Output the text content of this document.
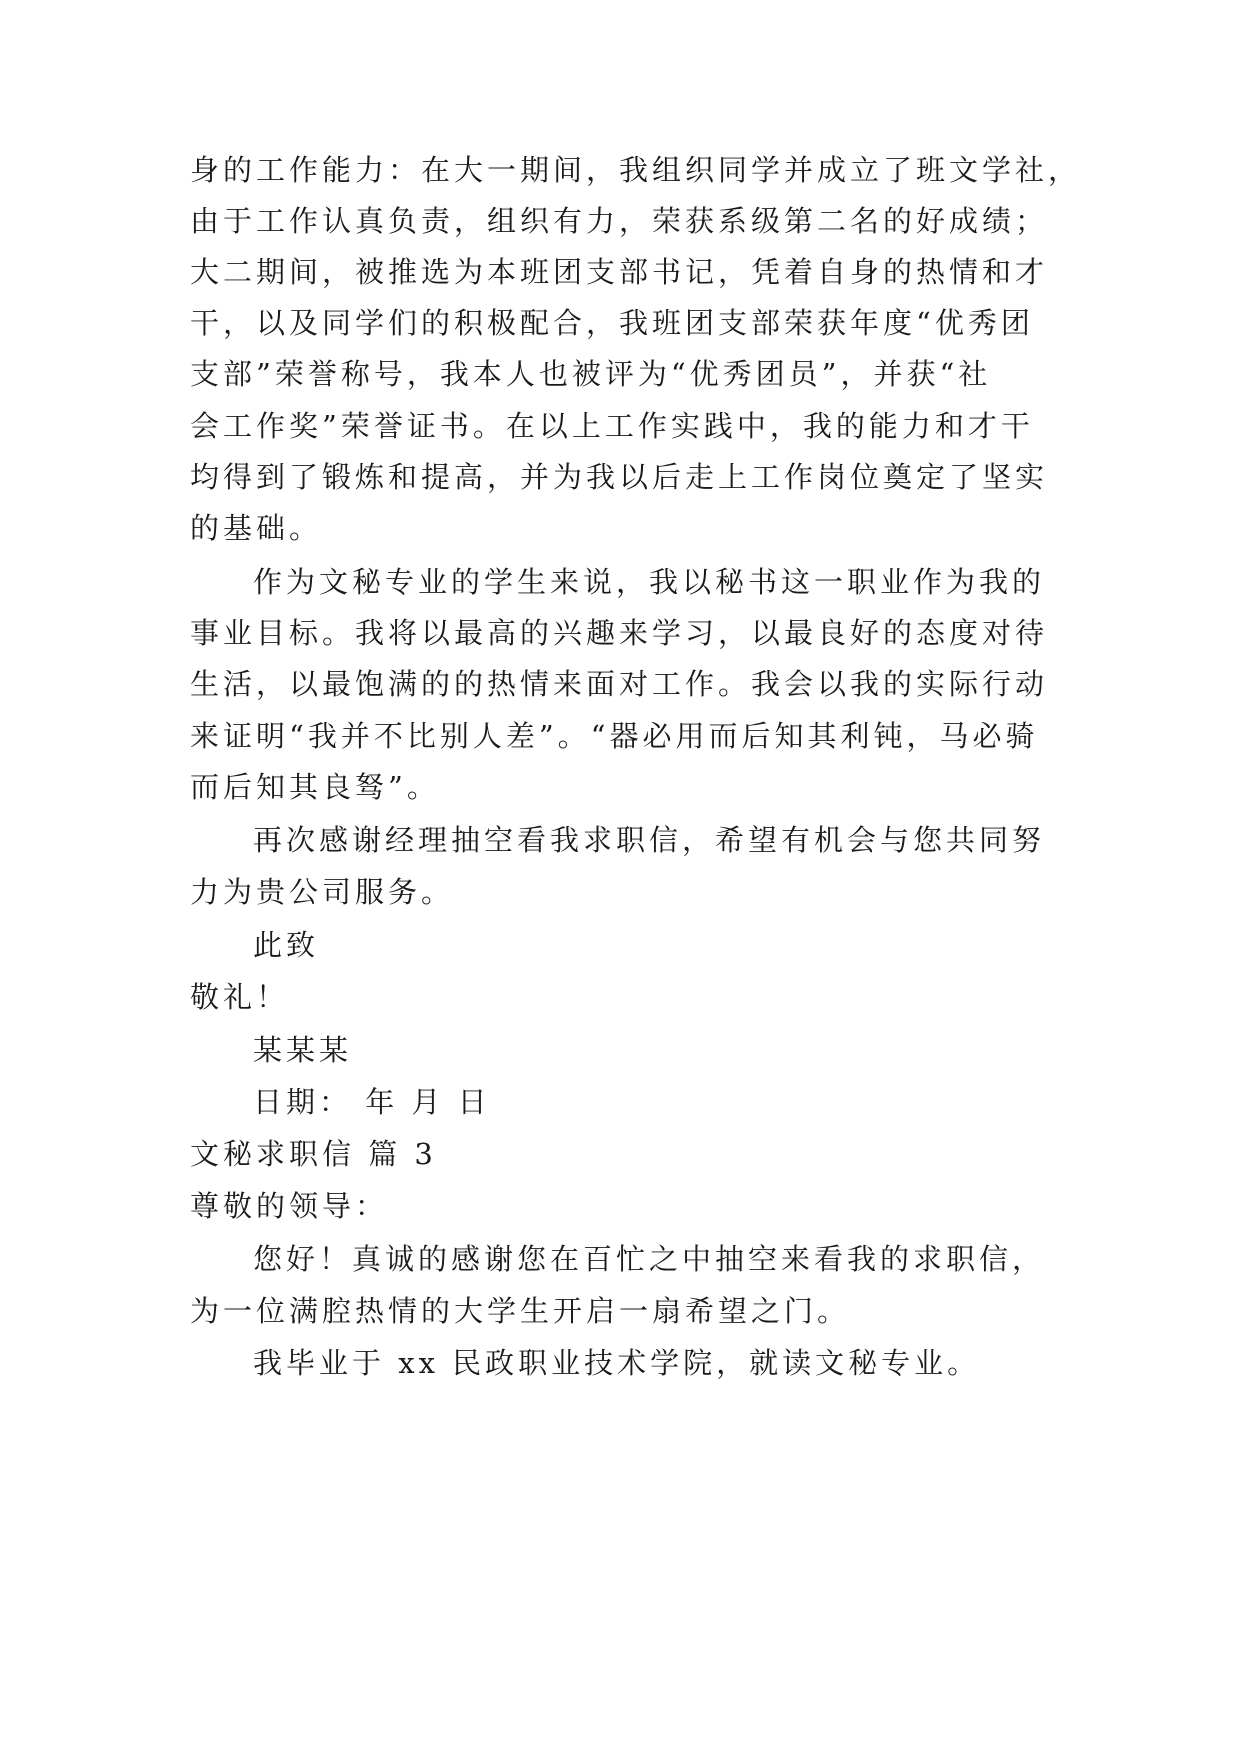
身的工作能力：在大一期间，我组织同学并成立了班文学社，
由于工作认真负责，组织有力，荣获系级第二名的好成绩；
大二期间，被推选为本班团支部书记，凭着自身的热情和才
干，以及同学们的积极配合，我班团支部荣获年度“优秀团
支部”荣誉称号，我本人也被评为“优秀团员”，并获“社
会工作奖”荣誉证书。在以上工作实践中，我的能力和才干
均得到了锻炼和提高，并为我以后走上工作岗位奠定了坚实
的基础。
作为文秘专业的学生来说，我以秘书这一职业作为我的
事业目标。我将以最高的兴趣来学习，以最良好的态度对待
生活，以最饱满的的热情来面对工作。我会以我的实际行动
来证明“我并不比别人差”。“器必用而后知其利钝，马必骑
而后知其良驽”。
再次感谢经理抽空看我求职信，希望有机会与您共同努
力为贵公司服务。
此致
敬礼！
某某某
日期： 年 月 日
文秘求职信 篇 3
尊敬的领导：
您好！真诚的感谢您在百忙之中抽空来看我的求职信，
为一位满腔热情的大学生开启一扇希望之门。
我毕业于 xx 民政职业技术学院，就读文秘专业。
